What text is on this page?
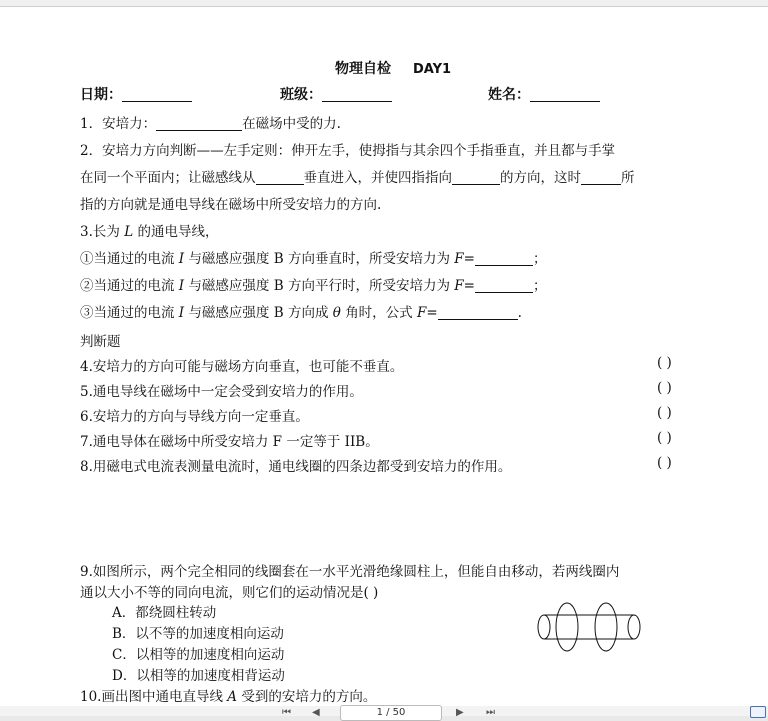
物理自检 DAY1
日期：	班级：	姓名：
1．安培力：	在磁场中受的力.
2．安培力方向判断——左手定则：伸开左手，使拇指与其余四个手指垂直，并且都与手掌
在同一个平面内；让磁感线从	垂直进入，并使四指指向	的方向，这时	所
指的方向就是通电导线在磁场中所受安培力的方向.
3.长为 L 的通电导线，
①当通过的电流 I 与磁感应强度 B 方向垂直时，所受安培力为 F=	；
②当通过的电流 I 与磁感应强度 B 方向平行时，所受安培力为 F=	；
③当通过的电流 I 与磁感应强度 B 方向成 θ 角时，公式 F=	.
判断题
4.安培力的方向可能与磁场方向垂直，也可能不垂直。	( )
5.通电导线在磁场中一定会受到安培力的作用。	( )
6.安培力的方向与导线方向一定垂直。	( )
7.通电导体在磁场中所受安培力 F 一定等于 IIB。	( )
8.用磁电式电流表测量电流时，通电线圈的四条边都受到安培力的作用。	( )
9.如图所示，两个完全相同的线圈套在一水平光滑绝缘圆柱上，但能自由移动，若两线圈内
通以大小不等的同向电流，则它们的运动情况是( )
A．都绕圆柱转动
B．以不等的加速度相向运动
C．以相等的加速度相向运动
D．以相等的加速度相背运动
10.画出图中通电直导线 A 受到的安培力的方向。
⏮ ◀	1 / 50	▶ ⏭
